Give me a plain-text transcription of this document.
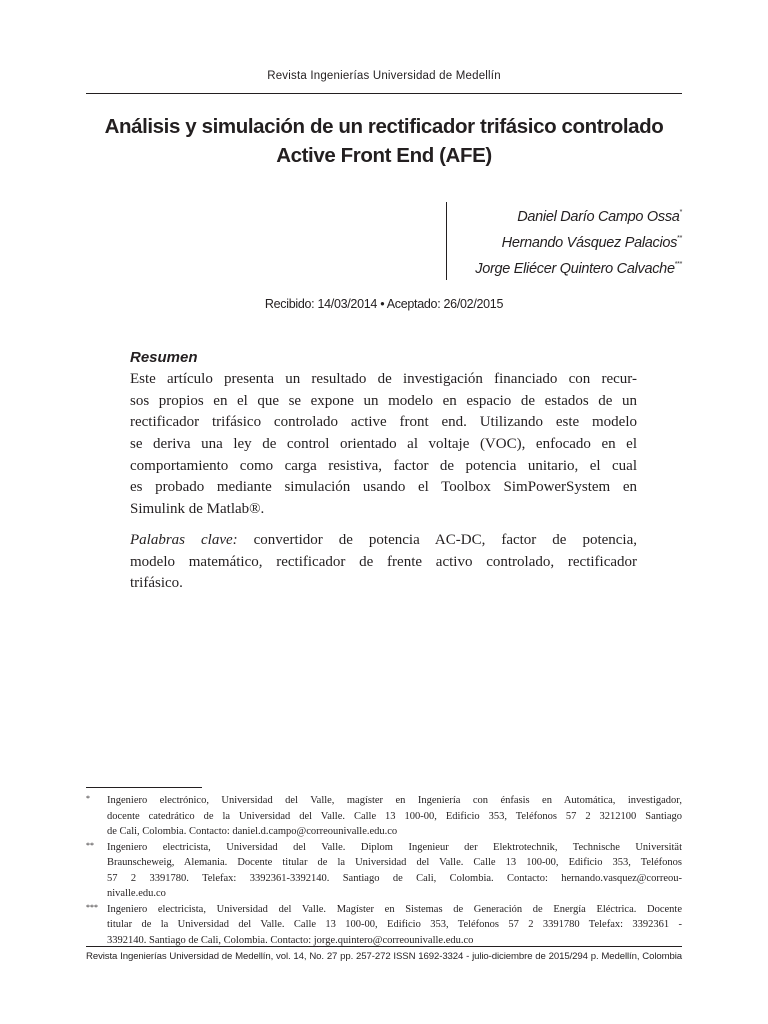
Revista Ingenierías Universidad de Medellín
Análisis y simulación de un rectificador trifásico controlado
Active Front End (AFE)
Daniel Darío Campo Ossa*
Hernando Vásquez Palacios**
Jorge Eliécer Quintero Calvache***
Recibido: 14/03/2014 • Aceptado: 26/02/2015
Resumen
Este artículo presenta un resultado de investigación financiado con recur-
sos propios en el que se expone un modelo en espacio de estados de un
rectificador trifásico controlado active front end. Utilizando este modelo
se deriva una ley de control orientado al voltaje (VOC), enfocado en el
comportamiento como carga resistiva, factor de potencia unitario, el cual
es probado mediante simulación usando el Toolbox SimPowerSystem en
Simulink de Matlab®.
Palabras clave: convertidor de potencia AC-DC, factor de potencia,
modelo matemático, rectificador de frente activo controlado, rectificador
trifásico.
* Ingeniero electrónico, Universidad del Valle, magíster en Ingeniería con énfasis en Automática, investigador,
docente catedrático de la Universidad del Valle. Calle 13 100-00, Edificio 353, Teléfonos 57 2 3212100 Santiago
de Cali, Colombia. Contacto: daniel.d.campo@correounivalle.edu.co
** Ingeniero electricista, Universidad del Valle. Diplom Ingenieur der Elektrotechnik, Technische Universität
Braunscheweig, Alemania. Docente titular de la Universidad del Valle. Calle 13 100-00, Edificio 353, Teléfonos
57 2 3391780. Telefax: 3392361-3392140. Santiago de Cali, Colombia. Contacto: hernando.vasquez@correou-
nivalle.edu.co
*** Ingeniero electricista, Universidad del Valle. Magíster en Sistemas de Generación de Energía Eléctrica. Docente
titular de la Universidad del Valle. Calle 13 100-00, Edificio 353, Teléfonos 57 2 3391780 Telefax: 3392361 -
3392140. Santiago de Cali, Colombia. Contacto: jorge.quintero@correounivalle.edu.co
Revista Ingenierías Universidad de Medellín, vol. 14, No. 27 pp. 257-272 ISSN 1692-3324 - julio-diciembre de 2015/294 p. Medellín, Colombia
